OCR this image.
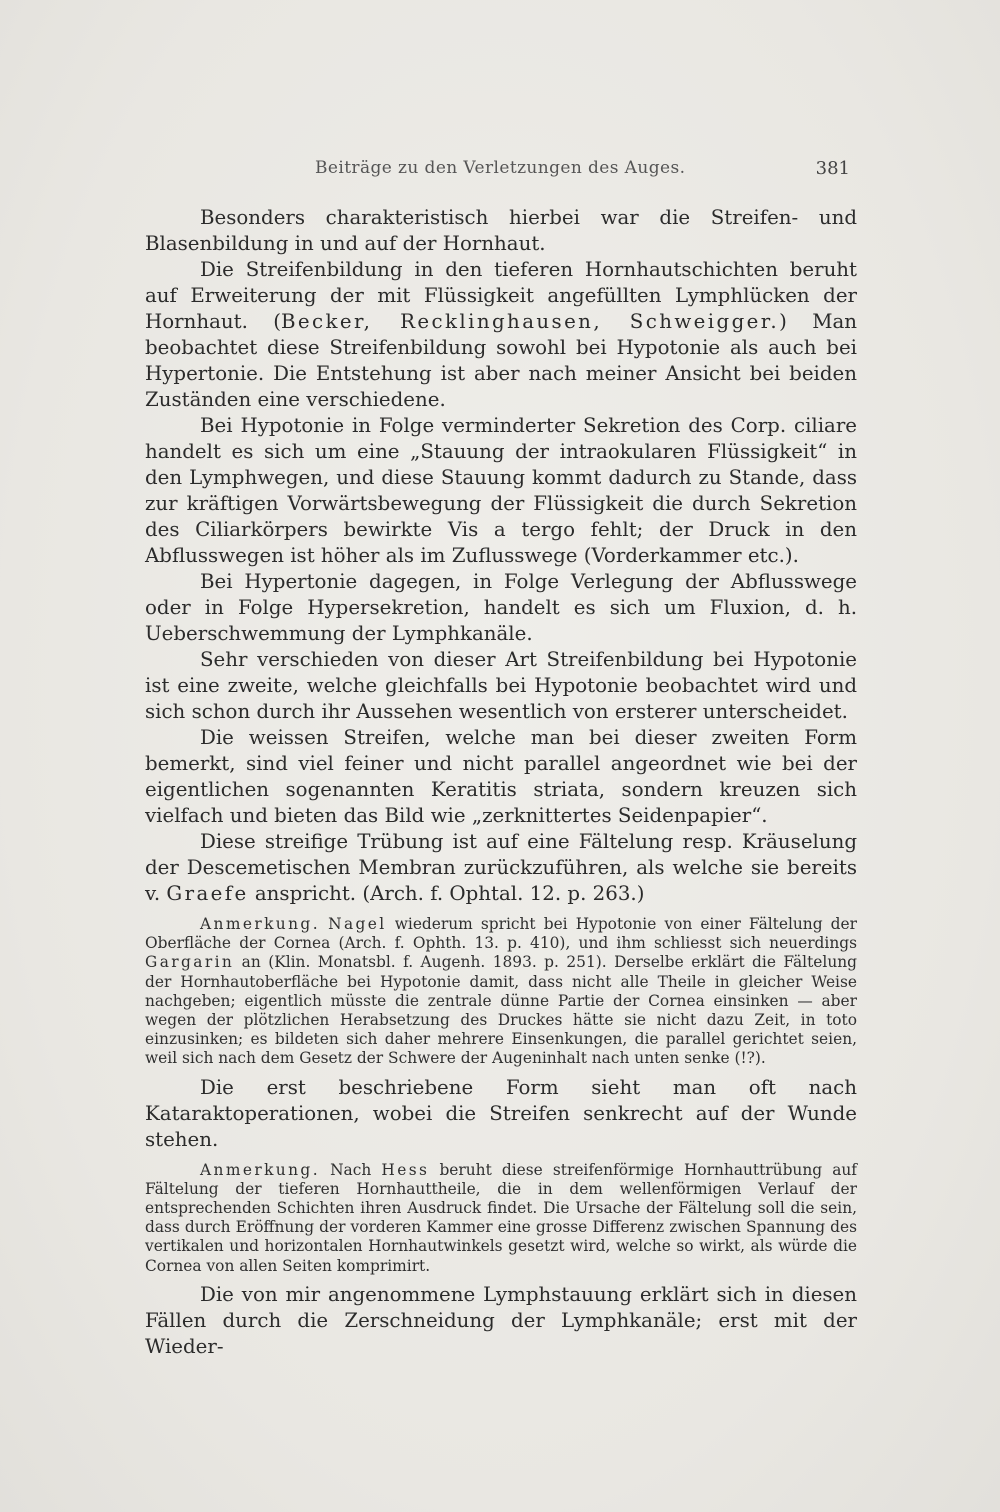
Beiträge zu den Verletzungen des Auges.	381

Besonders charakteristisch hierbei war die Streifen- und Blasenbildung in und auf der Hornhaut.

Die Streifenbildung in den tieferen Hornhautschichten beruht auf Erweiterung der mit Flüssigkeit angefüllten Lymphlücken der Hornhaut. (Becker, Recklinghausen, Schweigger.) Man beobachtet diese Streifenbildung sowohl bei Hypotonie als auch bei Hypertonie. Die Entstehung ist aber nach meiner Ansicht bei beiden Zuständen eine verschiedene.

Bei Hypotonie in Folge verminderter Sekretion des Corp. ciliare handelt es sich um eine „Stauung der intraokularen Flüssigkeit“ in den Lymphwegen, und diese Stauung kommt dadurch zu Stande, dass zur kräftigen Vorwärtsbewegung der Flüssigkeit die durch Sekretion des Ciliarkörpers bewirkte Vis a tergo fehlt; der Druck in den Abflusswegen ist höher als im Zuflusswege (Vorderkammer etc.).

Bei Hypertonie dagegen, in Folge Verlegung der Abflusswege oder in Folge Hypersekretion, handelt es sich um Fluxion, d. h. Ueberschwemmung der Lymphkanäle.

Sehr verschieden von dieser Art Streifenbildung bei Hypotonie ist eine zweite, welche gleichfalls bei Hypotonie beobachtet wird und sich schon durch ihr Aussehen wesentlich von ersterer unterscheidet.

Die weissen Streifen, welche man bei dieser zweiten Form bemerkt, sind viel feiner und nicht parallel angeordnet wie bei der eigentlichen sogenannten Keratitis striata, sondern kreuzen sich vielfach und bieten das Bild wie „zerknittertes Seidenpapier“.

Diese streifige Trübung ist auf eine Fältelung resp. Kräuselung der Descemetischen Membran zurückzuführen, als welche sie bereits v. Graefe anspricht. (Arch. f. Ophtal. 12. p. 263.)

Anmerkung. Nagel wiederum spricht bei Hypotonie von einer Fältelung der Oberfläche der Cornea (Arch. f. Ophth. 13. p. 410), und ihm schliesst sich neuerdings Gargarin an (Klin. Monatsbl. f. Augenh. 1893. p. 251). Derselbe erklärt die Fältelung der Hornhautoberfläche bei Hypotonie damit, dass nicht alle Theile in gleicher Weise nachgeben; eigentlich müsste die zentrale dünne Partie der Cornea einsinken — aber wegen der plötzlichen Herabsetzung des Druckes hätte sie nicht dazu Zeit, in toto einzusinken; es bildeten sich daher mehrere Einsenkungen, die parallel gerichtet seien, weil sich nach dem Gesetz der Schwere der Augeninhalt nach unten senke (!?).

Die erst beschriebene Form sieht man oft nach Kataraktoperationen, wobei die Streifen senkrecht auf der Wunde stehen.

Anmerkung. Nach Hess beruht diese streifenförmige Hornhauttrübung auf Fältelung der tieferen Hornhauttheile, die in dem wellenförmigen Verlauf der entsprechenden Schichten ihren Ausdruck findet. Die Ursache der Fältelung soll die sein, dass durch Eröffnung der vorderen Kammer eine grosse Differenz zwischen Spannung des vertikalen und horizontalen Hornhautwinkels gesetzt wird, welche so wirkt, als würde die Cornea von allen Seiten komprimirt.

Die von mir angenommene Lymphstauung erklärt sich in diesen Fällen durch die Zerschneidung der Lymphkanäle; erst mit der Wieder-
